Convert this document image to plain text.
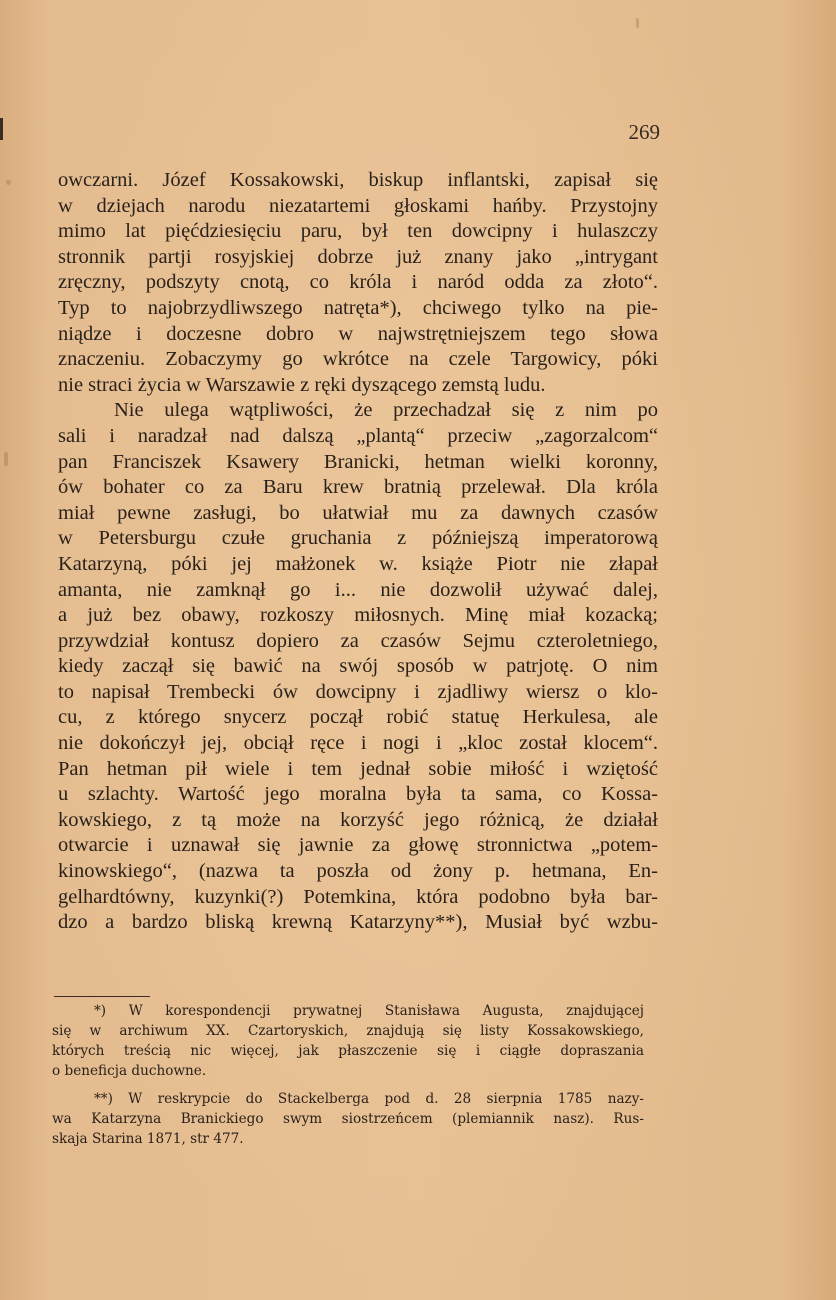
269
owczarni. Józef Kossakowski, biskup inflantski, zapisał się
w dziejach narodu niezatartemi głoskami hańby. Przystojny
mimo lat pięćdziesięciu paru, był ten dowcipny i hulaszczy
stronnik partji rosyjskiej dobrze już znany jako „intrygant
zręczny, podszyty cnotą, co króla i naród odda za złoto“.
Typ to najobrzydliwszego natręta*), chciwego tylko na pie-
niądze i doczesne dobro w najwstrętniejszem tego słowa
znaczeniu. Zobaczymy go wkrótce na czele Targowicy, póki
nie straci życia w Warszawie z ręki dyszącego zemstą ludu.
Nie ulega wątpliwości, że przechadzał się z nim po
sali i naradzał nad dalszą „plantą“ przeciw „zagorzalcom“
pan Franciszek Ksawery Branicki, hetman wielki koronny,
ów bohater co za Baru krew bratnią przelewał. Dla króla
miał pewne zasługi, bo ułatwiał mu za dawnych czasów
w Petersburgu czułe gruchania z późniejszą imperatorową
Katarzyną, póki jej małżonek w. książe Piotr nie złapał
amanta, nie zamknął go i... nie dozwolił używać dalej,
a już bez obawy, rozkoszy miłosnych. Minę miał kozacką;
przywdział kontusz dopiero za czasów Sejmu czteroletniego,
kiedy zaczął się bawić na swój sposób w patrjotę. O nim
to napisał Trembecki ów dowcipny i zjadliwy wiersz o klo-
cu, z którego snycerz począł robić statuę Herkulesa, ale
nie dokończył jej, obciął ręce i nogi i „kloc został klocem“.
Pan hetman pił wiele i tem jednał sobie miłość i wziętość
u szlachty. Wartość jego moralna była ta sama, co Kossa-
kowskiego, z tą może na korzyść jego różnicą, że działał
otwarcie i uznawał się jawnie za głowę stronnictwa „potem-
kinowskiego“, (nazwa ta poszła od żony p. hetmana, En-
gelhardtówny, kuzynki(?) Potemkina, która podobno była bar-
dzo a bardzo bliską krewną Katarzyny**), Musiał być wzbu-
*) W korespondencji prywatnej Stanisława Augusta, znajdującej
się w archiwum XX. Czartoryskich, znajdują się listy Kossakowskiego,
których treścią nic więcej, jak płaszczenie się i ciągłe dopraszania
o beneficja duchowne.
**) W reskrypcie do Stackelberga pod d. 28 sierpnia 1785 nazy-
wa Katarzyna Branickiego swym siostrzeńcem (plemiannik nasz). Rus-
skaja Starina 1871, str 477.
